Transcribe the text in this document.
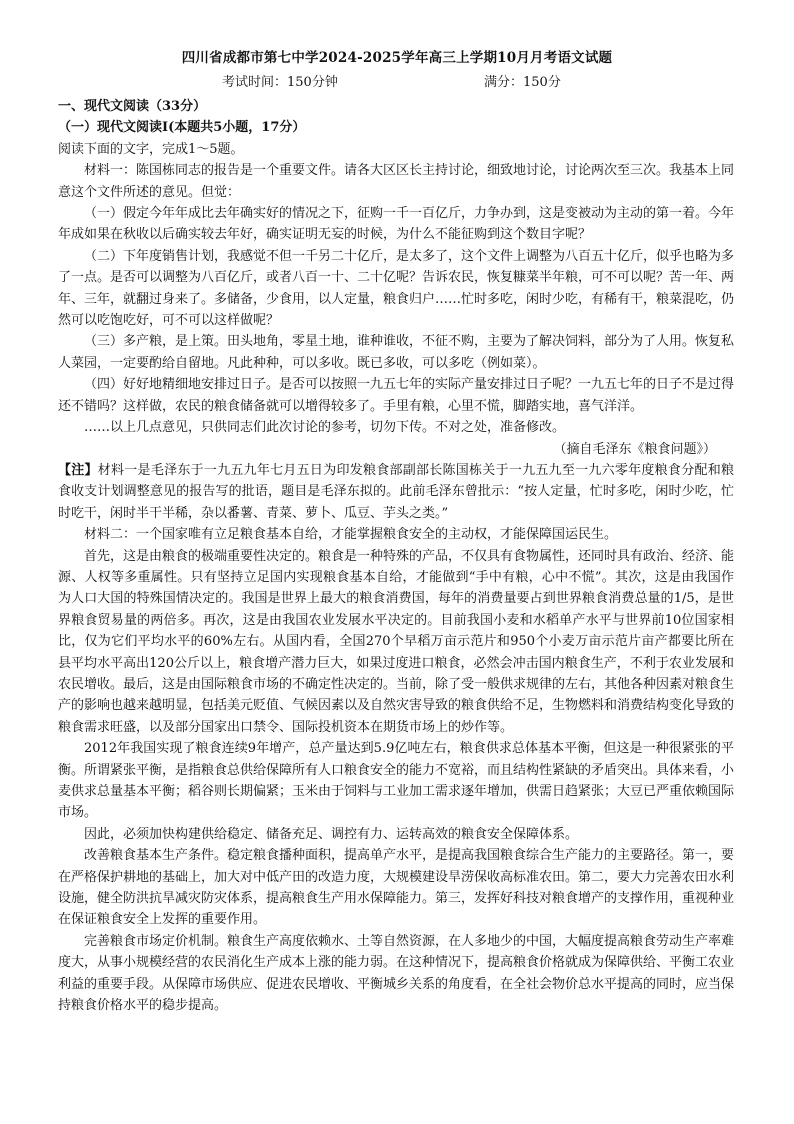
四川省成都市第七中学2024-2025学年高三上学期10月月考语文试题
考试时间：150分钟	满分：150分

一、现代文阅读（33分）

（一）现代文阅读Ⅰ(本题共5小题，17分）

阅读下面的文字，完成1～5题。

材料一：陈国栋同志的报告是一个重要文件。请各大区区长主持讨论，细致地讨论，讨论两次至三次。我基本上同意这个文件所述的意见。但觉：

（一）假定今年年成比去年确实好的情况之下，征购一千一百亿斤，力争办到，这是变被动为主动的第一着。今年年成如果在秋收以后确实较去年好，确实证明无妄的时候，为什么不能征购到这个数目字呢？

（二）下年度销售计划，我感觉不但一千另二十亿斤，是太多了，这个文件上调整为八百五十亿斤，似乎也略为多了一点。是否可以调整为八百亿斤，或者八百一十、二十亿呢？告诉农民，恢复糠菜半年粮，可不可以呢？苦一年、两年、三年，就翻过身来了。多储备，少食用，以人定量，粮食归户……忙时多吃，闲时少吃，有稀有干，粮菜混吃，仍然可以吃饱吃好，可不可以这样做呢？

（三）多产粮，是上策。田头地角，零星土地，谁种谁收，不征不购，主要为了解决饲料，部分为了人用。恢复私人菜园，一定要酌给自留地。凡此种种，可以多收。既已多收，可以多吃（例如菜）。

（四）好好地精细地安排过日子。是否可以按照一九五七年的实际产量安排过日子呢？一九五七年的日子不是过得还不错吗？这样做，农民的粮食储备就可以增得较多了。手里有粮，心里不慌，脚踏实地，喜气洋洋。

……以上几点意见，只供同志们此次讨论的参考，切勿下传。不对之处，准备修改。

（摘自毛泽东《粮食问题》）

【注】材料一是毛泽东于一九五九年七月五日为印发粮食部副部长陈国栋关于一九五九至一九六零年度粮食分配和粮食收支计划调整意见的报告写的批语，题目是毛泽东拟的。此前毛泽东曾批示：“按人定量，忙时多吃，闲时少吃，忙时吃干，闲时半干半稀，杂以番薯、青菜、萝卜、瓜豆、芋头之类。”

材料二：一个国家唯有立足粮食基本自给，才能掌握粮食安全的主动权，才能保障国运民生。

首先，这是由粮食的极端重要性决定的。粮食是一种特殊的产品，不仅具有食物属性，还同时具有政治、经济、能源、人权等多重属性。只有坚持立足国内实现粮食基本自给，才能做到“手中有粮，心中不慌”。其次，这是由我国作为人口大国的特殊国情决定的。我国是世界上最大的粮食消费国，每年的消费量要占到世界粮食消费总量的1/5，是世界粮食贸易量的两倍多。再次，这是由我国农业发展水平决定的。目前我国小麦和水稻单产水平与世界前10位国家相比，仅为它们平均水平的60%左右。从国内看，全国270个早稻万亩示范片和950个小麦万亩示范片亩产都要比所在县平均水平高出120公斤以上，粮食增产潜力巨大，如果过度进口粮食，必然会冲击国内粮食生产，不利于农业发展和农民增收。最后，这是由国际粮食市场的不确定性决定的。当前，除了受一般供求规律的左右，其他各种因素对粮食生产的影响也越来越明显，包括美元贬值、气候因素以及自然灾害导致的粮食供给不足，生物燃料和消费结构变化导致的粮食需求旺盛，以及部分国家出口禁令、国际投机资本在期货市场上的炒作等。

2012年我国实现了粮食连续9年增产，总产量达到5.9亿吨左右，粮食供求总体基本平衡，但这是一种很紧张的平衡。所谓紧张平衡，是指粮食总供给保障所有人口粮食安全的能力不宽裕，而且结构性紧缺的矛盾突出。具体来看，小麦供求总量基本平衡；稻谷则长期偏紧；玉米由于饲料与工业加工需求逐年增加，供需日趋紧张；大豆已严重依赖国际市场。

因此，必须加快构建供给稳定、储备充足、调控有力、运转高效的粮食安全保障体系。

改善粮食基本生产条件。稳定粮食播种面积，提高单产水平，是提高我国粮食综合生产能力的主要路径。第一，要在严格保护耕地的基础上，加大对中低产田的改造力度，大规模建设旱涝保收高标准农田。第二，要大力完善农田水利设施，健全防洪抗旱减灾防灾体系，提高粮食生产用水保障能力。第三，发挥好科技对粮食增产的支撑作用，重视种业在保证粮食安全上发挥的重要作用。

完善粮食市场定价机制。粮食生产高度依赖水、土等自然资源，在人多地少的中国，大幅度提高粮食劳动生产率难度大，从事小规模经营的农民消化生产成本上涨的能力弱。在这种情况下，提高粮食价格就成为保障供给、平衡工农业利益的重要手段。从保障市场供应、促进农民增收、平衡城乡关系的角度看，在全社会物价总水平提高的同时，应当保持粮食价格水平的稳步提高。
